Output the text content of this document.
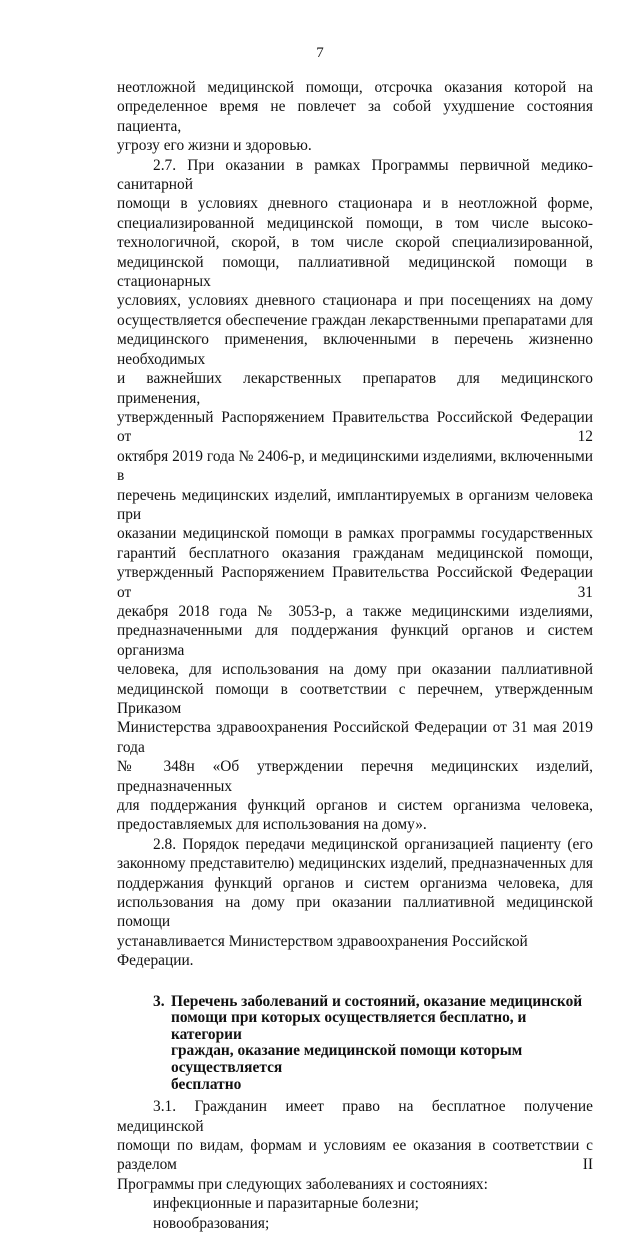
7

неотложной медицинской помощи, отсрочка оказания которой на

определенное время не повлечет за собой ухудшение состояния пациента,

угрозу его жизни и здоровью.

2.7. При оказании в рамках Программы первичной медико-санитарной

помощи в условиях дневного стационара и в неотложной форме,

специализированной медицинской помощи, в том числе высоко-

технологичной, скорой, в том числе скорой специализированной,

медицинской помощи, паллиативной медицинской помощи в стационарных

условиях, условиях дневного стационара и при посещениях на дому

осуществляется обеспечение граждан лекарственными препаратами для

медицинского применения, включенными в перечень жизненно необходимых

и важнейших лекарственных препаратов для медицинского применения,

утвержденный Распоряжением Правительства Российской Федерации от 12

октября 2019 года № 2406-р, и медицинскими изделиями, включенными в

перечень медицинских изделий, имплантируемых в организм человека при

оказании медицинской помощи в рамках программы государственных

гарантий бесплатного оказания гражданам медицинской помощи,

утвержденный Распоряжением Правительства Российской Федерации от 31

декабря 2018 года № 3053-р, а также медицинскими изделиями,

предназначенными для поддержания функций органов и систем организма

человека, для использования на дому при оказании паллиативной

медицинской помощи в соответствии с перечнем, утвержденным Приказом

Министерства здравоохранения Российской Федерации от 31 мая 2019 года

№ 348н «Об утверждении перечня медицинских изделий, предназначенных

для поддержания функций органов и систем организма человека,

предоставляемых для использования на дому».

2.8. Порядок передачи медицинской организацией пациенту (его

законному представителю) медицинских изделий, предназначенных для

поддержания функций органов и систем организма человека, для

использования на дому при оказании паллиативной медицинской помощи

устанавливается Министерством здравоохранения Российской Федерации.

3. Перечень заболеваний и состояний, оказание медицинской
помощи при которых осуществляется бесплатно, и категории
граждан, оказание медицинской помощи которым осуществляется
бесплатно

3.1. Гражданин имеет право на бесплатное получение медицинской

помощи по видам, формам и условиям ее оказания в соответствии с разделом II

Программы при следующих заболеваниях и состояниях:

инфекционные и паразитарные болезни;

новообразования;
